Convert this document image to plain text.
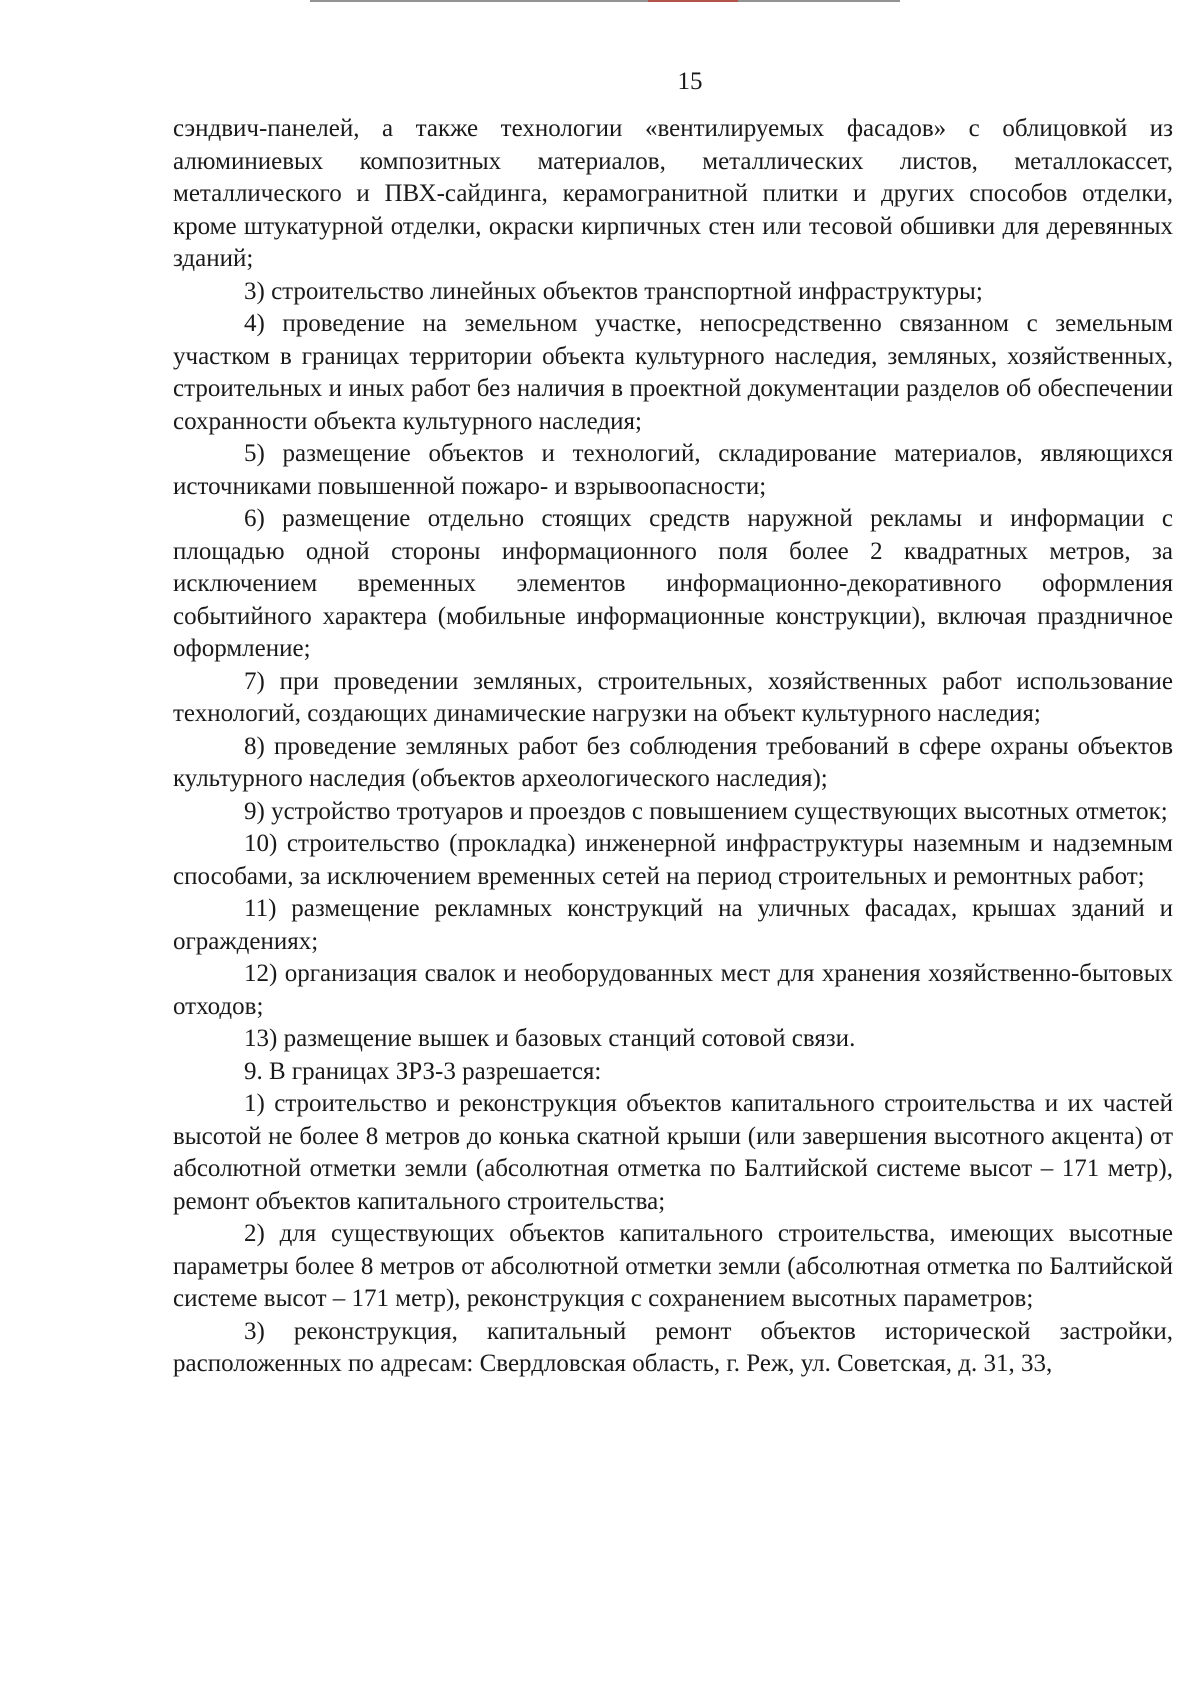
15

сэндвич-панелей, а также технологии «вентилируемых фасадов» с облицовкой из алюминиевых композитных материалов, металлических листов, металлокассет, металлического и ПВХ-сайдинга, керамогранитной плитки и других способов отделки, кроме штукатурной отделки, окраски кирпичных стен или тесовой обшивки для деревянных зданий;

3) строительство линейных объектов транспортной инфраструктуры;

4) проведение на земельном участке, непосредственно связанном с земельным участком в границах территории объекта культурного наследия, земляных, хозяйственных, строительных и иных работ без наличия в проектной документации разделов об обеспечении сохранности объекта культурного наследия;

5) размещение объектов и технологий, складирование материалов, являющихся источниками повышенной пожаро- и взрывоопасности;

6) размещение отдельно стоящих средств наружной рекламы и информации с площадью одной стороны информационного поля более 2 квадратных метров, за исключением временных элементов информационно-декоративного оформления событийного характера (мобильные информационные конструкции), включая праздничное оформление;

7) при проведении земляных, строительных, хозяйственных работ использование технологий, создающих динамические нагрузки на объект культурного наследия;

8) проведение земляных работ без соблюдения требований в сфере охраны объектов культурного наследия (объектов археологического наследия);

9) устройство тротуаров и проездов с повышением существующих высотных отметок;

10) строительство (прокладка) инженерной инфраструктуры наземным и надземным способами, за исключением временных сетей на период строительных и ремонтных работ;

11) размещение рекламных конструкций на уличных фасадах, крышах зданий и ограждениях;

12) организация свалок и необорудованных мест для хранения хозяйственно-бытовых отходов;

13) размещение вышек и базовых станций сотовой связи.

9. В границах ЗРЗ-3 разрешается:

1) строительство и реконструкция объектов капитального строительства и их частей высотой не более 8 метров до конька скатной крыши (или завершения высотного акцента) от абсолютной отметки земли (абсолютная отметка по Балтийской системе высот – 171 метр), ремонт объектов капитального строительства;

2) для существующих объектов капитального строительства, имеющих высотные параметры более 8 метров от абсолютной отметки земли (абсолютная отметка по Балтийской системе высот – 171 метр), реконструкция с сохранением высотных параметров;

3) реконструкция, капитальный ремонт объектов исторической застройки, расположенных по адресам: Свердловская область, г. Реж, ул. Советская, д. 31, 33,
